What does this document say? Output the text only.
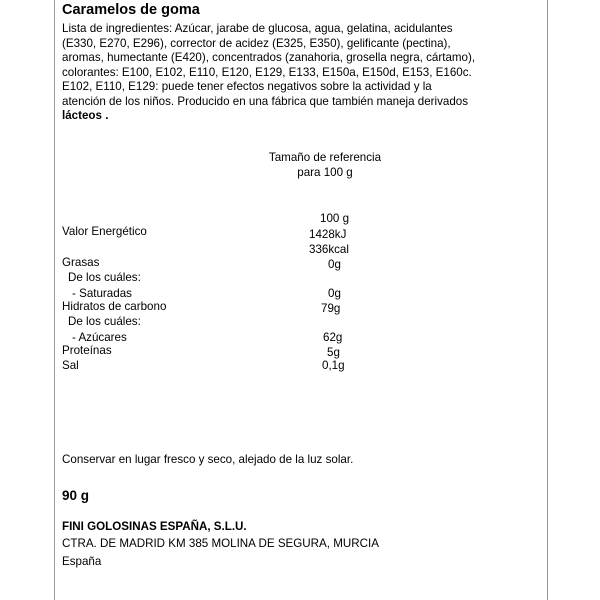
Caramelos de goma
Lista de ingredientes: Azúcar, jarabe de glucosa, agua, gelatina, acidulantes
(E330, E270, E296), corrector de acidez (E325, E350), gelificante (pectina),
aromas, humectante (E420), concentrados (zanahoria, grosella negra, cártamo),
colorantes: E100, E102, E110, E120, E129, E133, E150a, E150d, E153, E160c.
E102, E110, E129: puede tener efectos negativos sobre la actividad y la
atención de los niños. Producido en una fábrica que también maneja derivados
lácteos .
Tamaño de referencia
para 100 g
100 g
Valor Energético	1428kJ
336kcal
Grasas	0g
De los cuáles:
- Saturadas	0g
Hidratos de carbono	79g
De los cuáles:
- Azúcares	62g
Proteínas	5g
Sal	0,1g
Conservar en lugar fresco y seco, alejado de la luz solar.
90 g
FINI GOLOSINAS ESPAÑA, S.L.U.
CTRA. DE MADRID KM 385 MOLINA DE SEGURA, MURCIA
España
